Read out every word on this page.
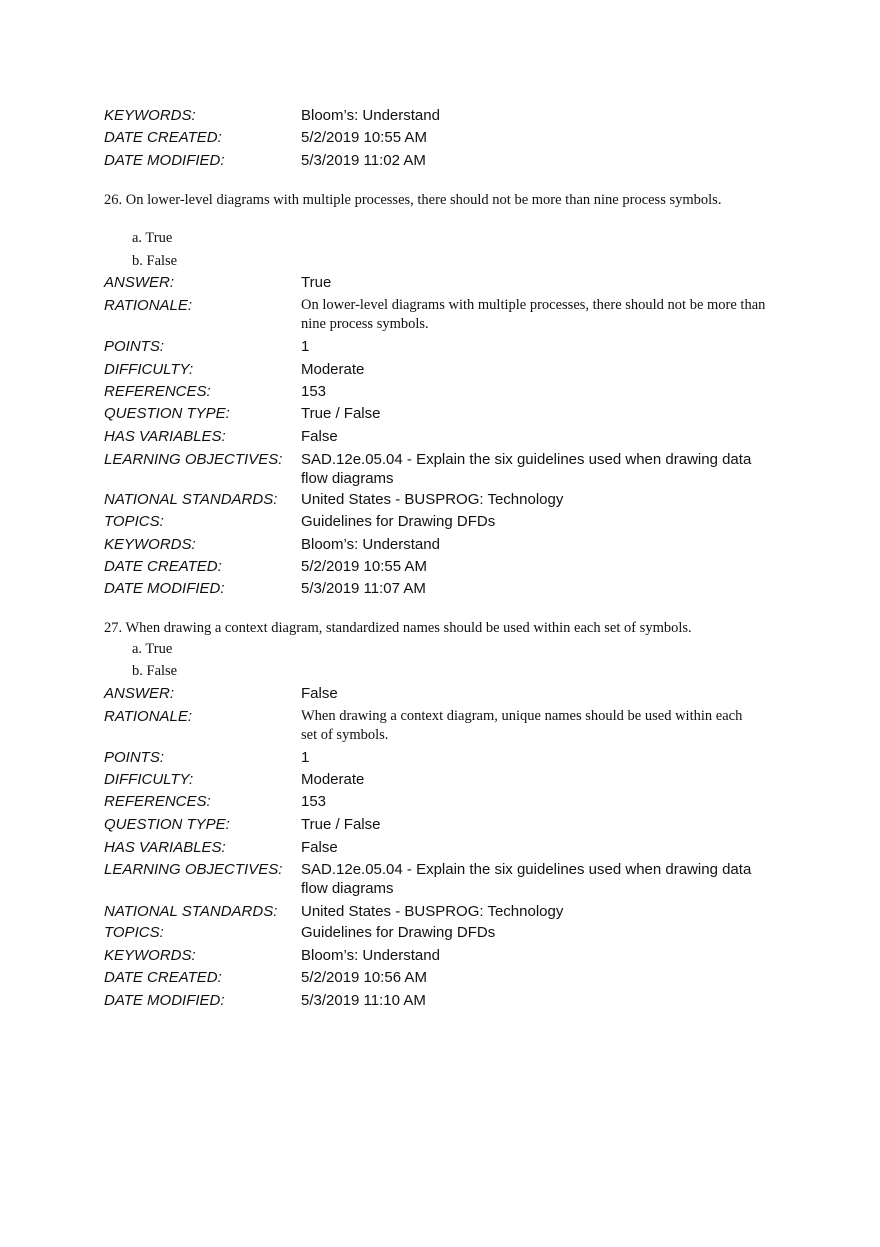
KEYWORDS:	Bloom’s: Understand
DATE CREATED:	5/2/2019 10:55 AM
DATE MODIFIED:	5/3/2019 11:02 AM
26. On lower-level diagrams with multiple processes, there should not be more than nine process symbols.
a. True
b. False
ANSWER:	True
RATIONALE:	On lower-level diagrams with multiple processes, there should not be more than nine process symbols.
POINTS:	1
DIFFICULTY:	Moderate
REFERENCES:	153
QUESTION TYPE:	True / False
HAS VARIABLES:	False
LEARNING OBJECTIVES: SAD.12e.05.04 - Explain the six guidelines used when drawing data flow diagrams
NATIONAL STANDARDS: United States - BUSPROG: Technology
TOPICS:	Guidelines for Drawing DFDs
KEYWORDS:	Bloom’s: Understand
DATE CREATED:	5/2/2019 10:55 AM
DATE MODIFIED:	5/3/2019 11:07 AM
27. When drawing a context diagram, standardized names should be used within each set of symbols.
a. True
b. False
ANSWER:	False
RATIONALE:	When drawing a context diagram, unique names should be used within each set of symbols.
POINTS:	1
DIFFICULTY:	Moderate
REFERENCES:	153
QUESTION TYPE:	True / False
HAS VARIABLES:	False
LEARNING OBJECTIVES: SAD.12e.05.04 - Explain the six guidelines used when drawing data flow diagrams
NATIONAL STANDARDS: United States - BUSPROG: Technology
TOPICS:	Guidelines for Drawing DFDs
KEYWORDS:	Bloom’s: Understand
DATE CREATED:	5/2/2019 10:56 AM
DATE MODIFIED:	5/3/2019 11:10 AM
